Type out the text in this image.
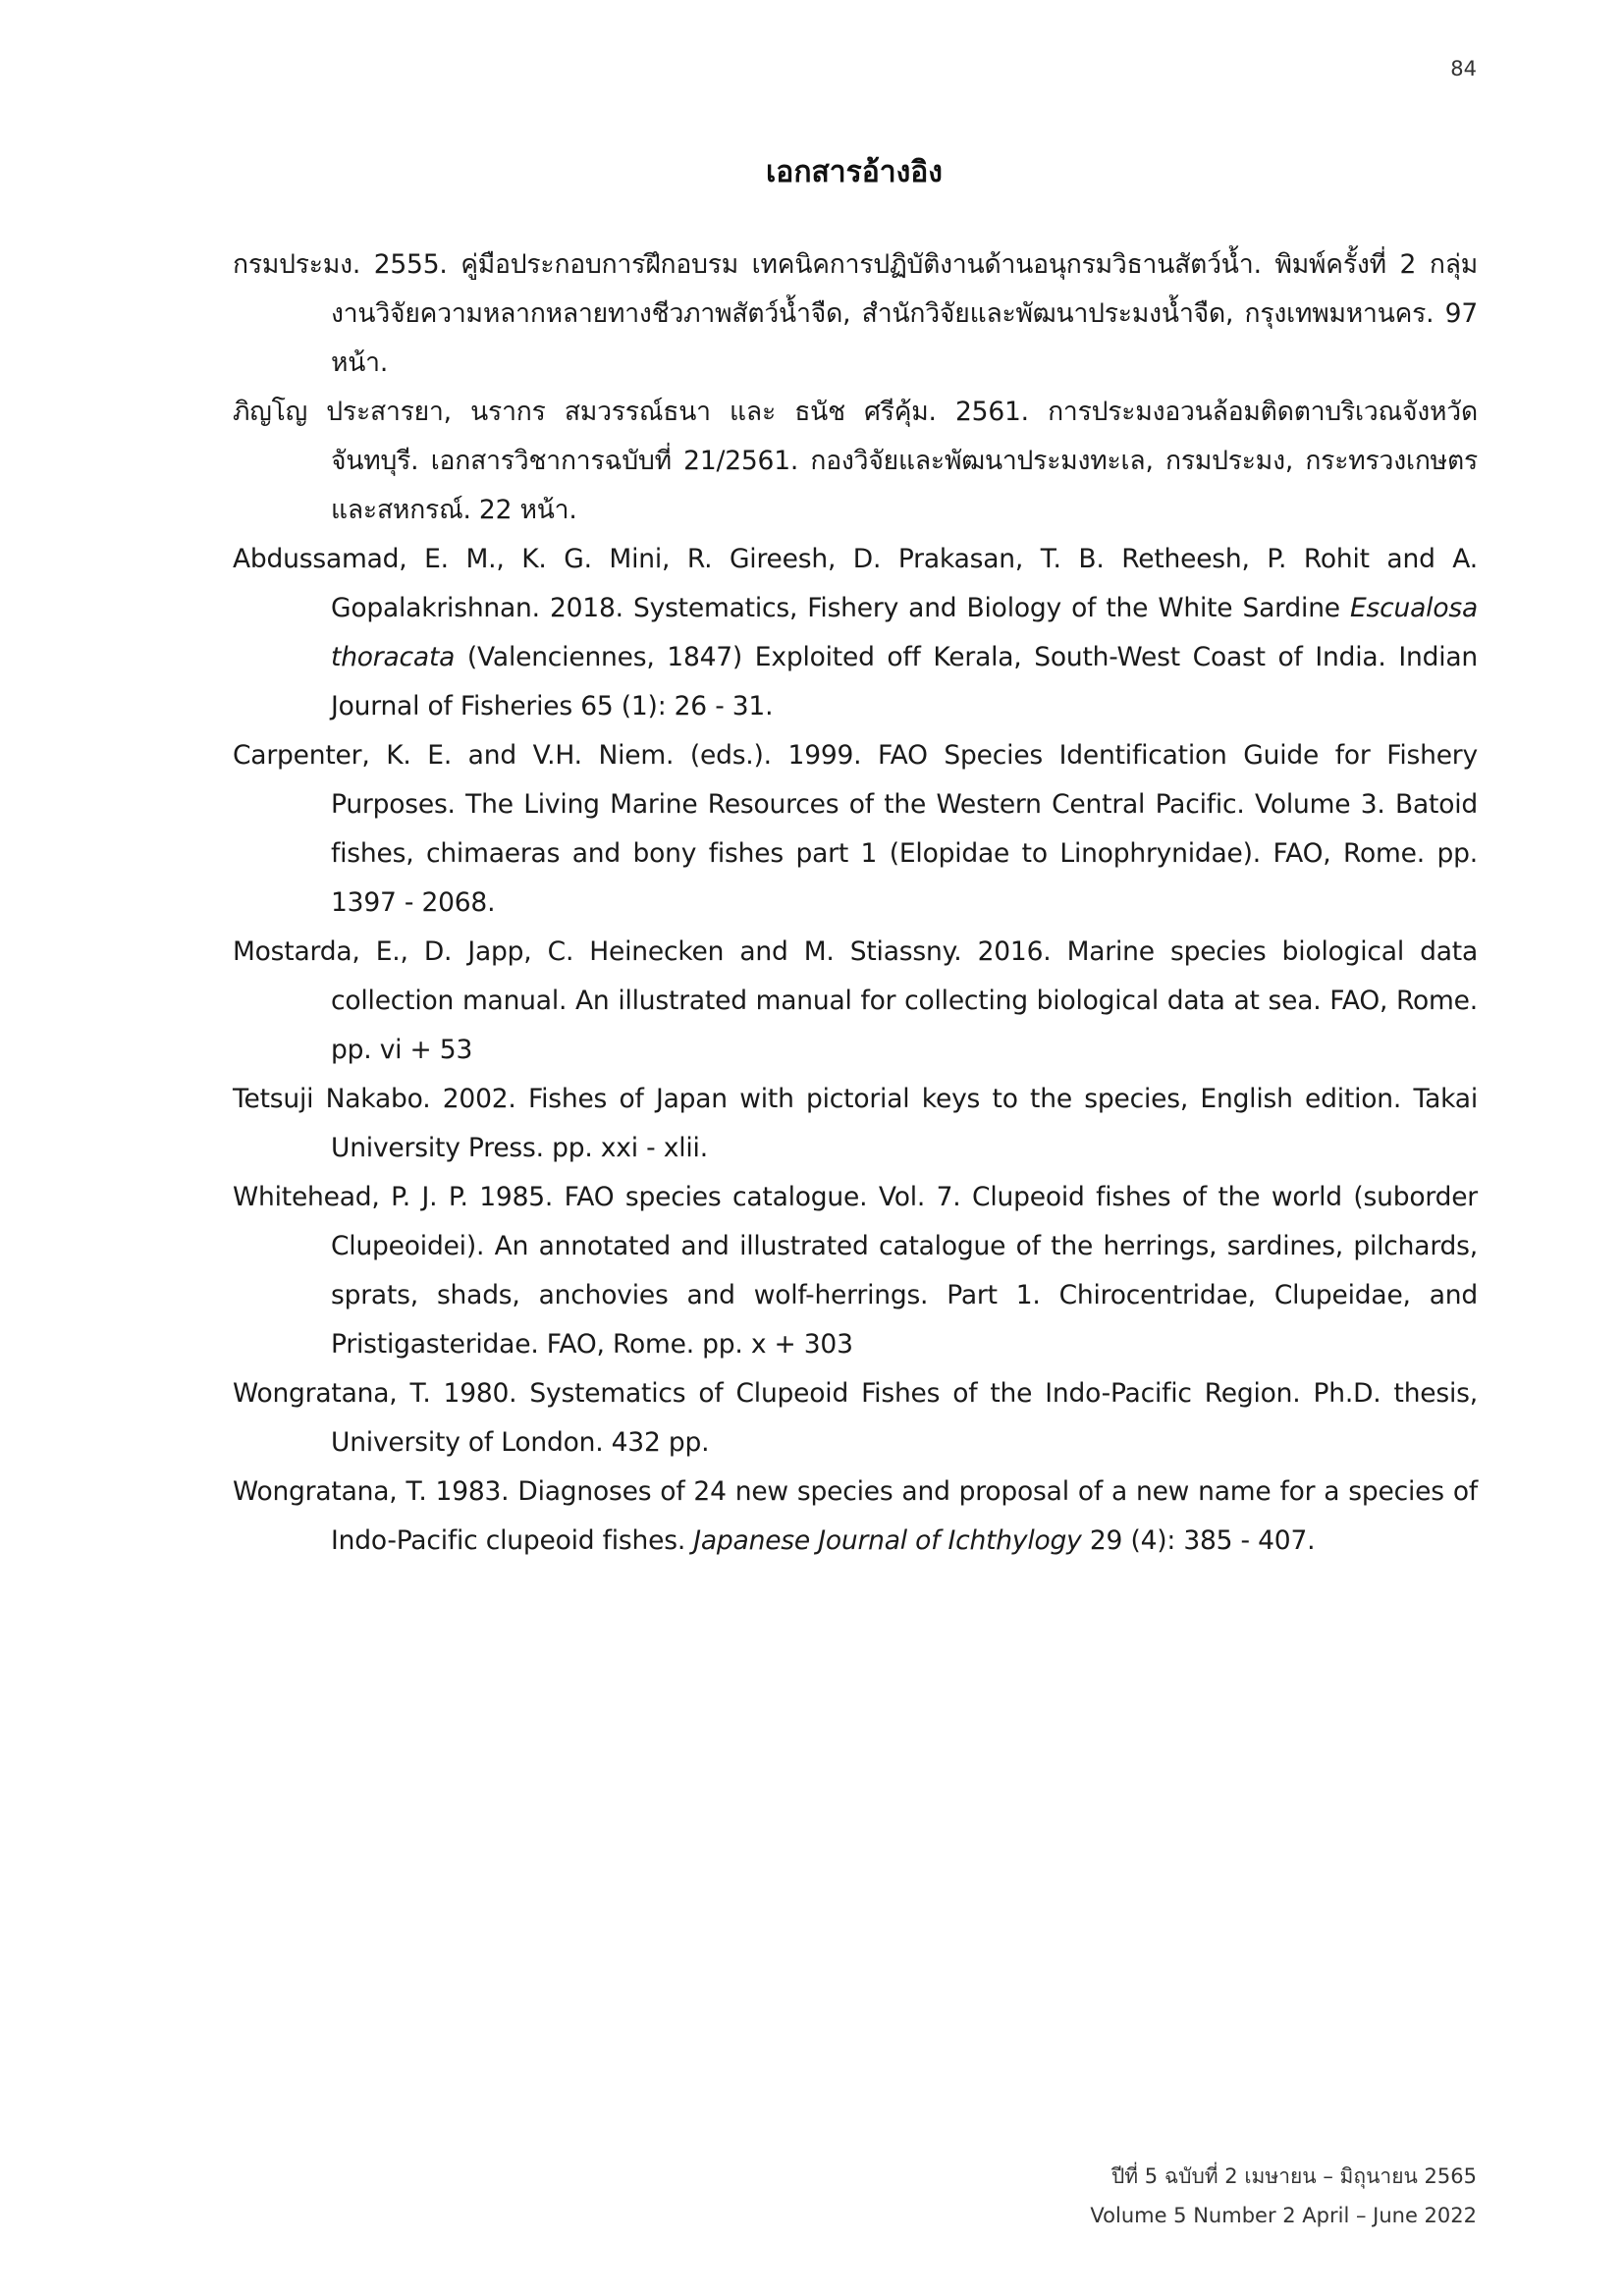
84
เอกสารอ้างอิง
กรมประมง. 2555. คู่มือประกอบการฝึกอบรม เทคนิคการปฏิบัติงานด้านอนุกรมวิธานสัตว์น้ำ. พิมพ์ครั้งที่ 2 กลุ่มงานวิจัยความหลากหลายทางชีวภาพสัตว์น้ำจืด, สำนักวิจัยและพัฒนาประมงน้ำจืด, กรุงเทพมหานคร. 97 หน้า.
ภิญโญ ประสารยา, นรากร สมวรรณ์ธนา และ ธนัช ศรีคุ้ม. 2561. การประมงอวนล้อมติดตาบริเวณจังหวัดจันทบุรี. เอกสารวิชาการฉบับที่ 21/2561. กองวิจัยและพัฒนาประมงทะเล, กรมประมง, กระทรวงเกษตรและสหกรณ์. 22 หน้า.
Abdussamad, E. M., K. G. Mini, R. Gireesh, D. Prakasan, T. B. Retheesh, P. Rohit and A. Gopalakrishnan. 2018. Systematics, Fishery and Biology of the White Sardine Escualosa thoracata (Valenciennes, 1847) Exploited off Kerala, South-West Coast of India. Indian Journal of Fisheries 65 (1): 26 - 31.
Carpenter, K. E. and V.H. Niem. (eds.). 1999. FAO Species Identification Guide for Fishery Purposes. The Living Marine Resources of the Western Central Pacific. Volume 3. Batoid fishes, chimaeras and bony fishes part 1 (Elopidae to Linophrynidae). FAO, Rome. pp. 1397 - 2068.
Mostarda, E., D. Japp, C. Heinecken and M. Stiassny. 2016. Marine species biological data collection manual. An illustrated manual for collecting biological data at sea. FAO, Rome. pp. vi + 53
Tetsuji Nakabo. 2002. Fishes of Japan with pictorial keys to the species, English edition. Takai University Press. pp. xxi - xlii.
Whitehead, P. J. P. 1985. FAO species catalogue. Vol. 7. Clupeoid fishes of the world (suborder Clupeoidei). An annotated and illustrated catalogue of the herrings, sardines, pilchards, sprats, shads, anchovies and wolf-herrings. Part 1. Chirocentridae, Clupeidae, and Pristigasteridae. FAO, Rome. pp. x + 303
Wongratana, T. 1980. Systematics of Clupeoid Fishes of the Indo-Pacific Region. Ph.D. thesis, University of London. 432 pp.
Wongratana, T. 1983. Diagnoses of 24 new species and proposal of a new name for a species of Indo-Pacific clupeoid fishes. Japanese Journal of Ichthylogy 29 (4): 385 - 407.
ปีที่ 5 ฉบับที่ 2 เมษายน – มิถุนายน 2565
Volume 5 Number 2 April – June 2022
